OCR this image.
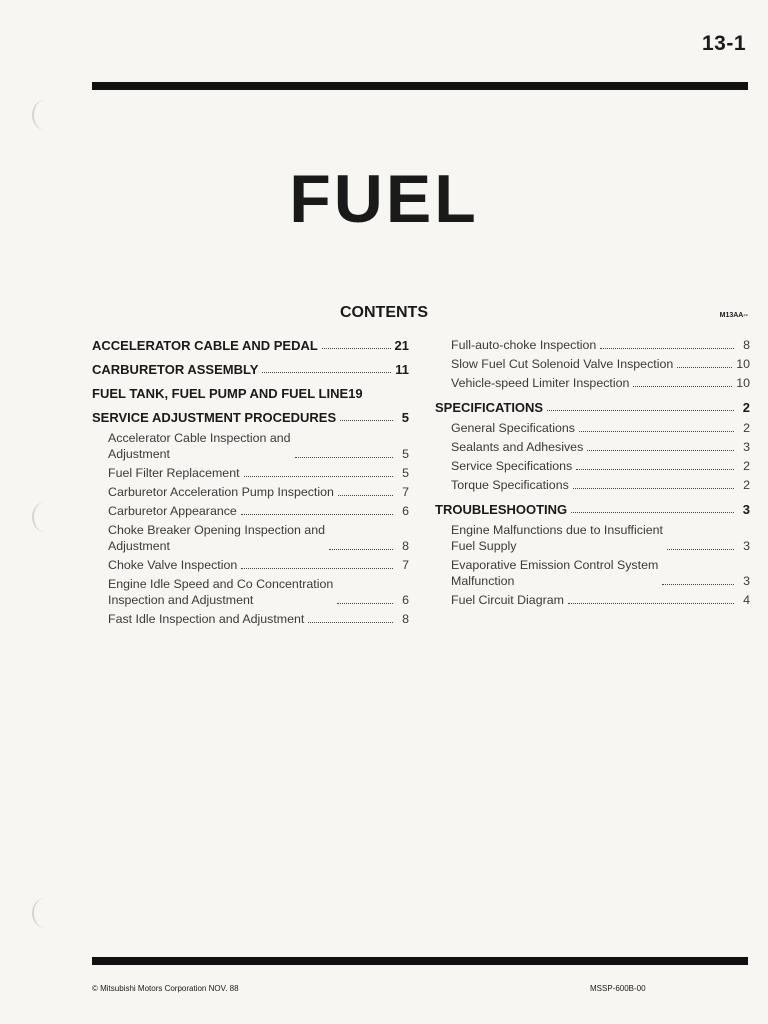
13-1
FUEL
CONTENTS	M13AA--
ACCELERATOR CABLE AND PEDAL	21
CARBURETOR ASSEMBLY	11
FUEL TANK, FUEL PUMP AND FUEL LINE 19
SERVICE ADJUSTMENT PROCEDURES	5
Accelerator Cable Inspection and
Adjustment	5
Fuel Filter Replacement	5
Carburetor Acceleration Pump Inspection	7
Carburetor Appearance	6
Choke Breaker Opening Inspection and
Adjustment	8
Choke Valve Inspection	7
Engine Idle Speed and Co Concentration
Inspection and Adjustment	6
Fast Idle Inspection and Adjustment	8
Full-auto-choke Inspection	8
Slow Fuel Cut Solenoid Valve Inspection	10
Vehicle-speed Limiter Inspection	10
SPECIFICATIONS	2
General Specifications	2
Sealants and Adhesives	3
Service Specifications	2
Torque Specifications	2
TROUBLESHOOTING	3
Engine Malfunctions due to Insufficient
Fuel Supply	3
Evaporative Emission Control System
Malfunction	3
Fuel Circuit Diagram	4
© Mitsubishi Motors Corporation NOV. 88	MSSP-600B-00
